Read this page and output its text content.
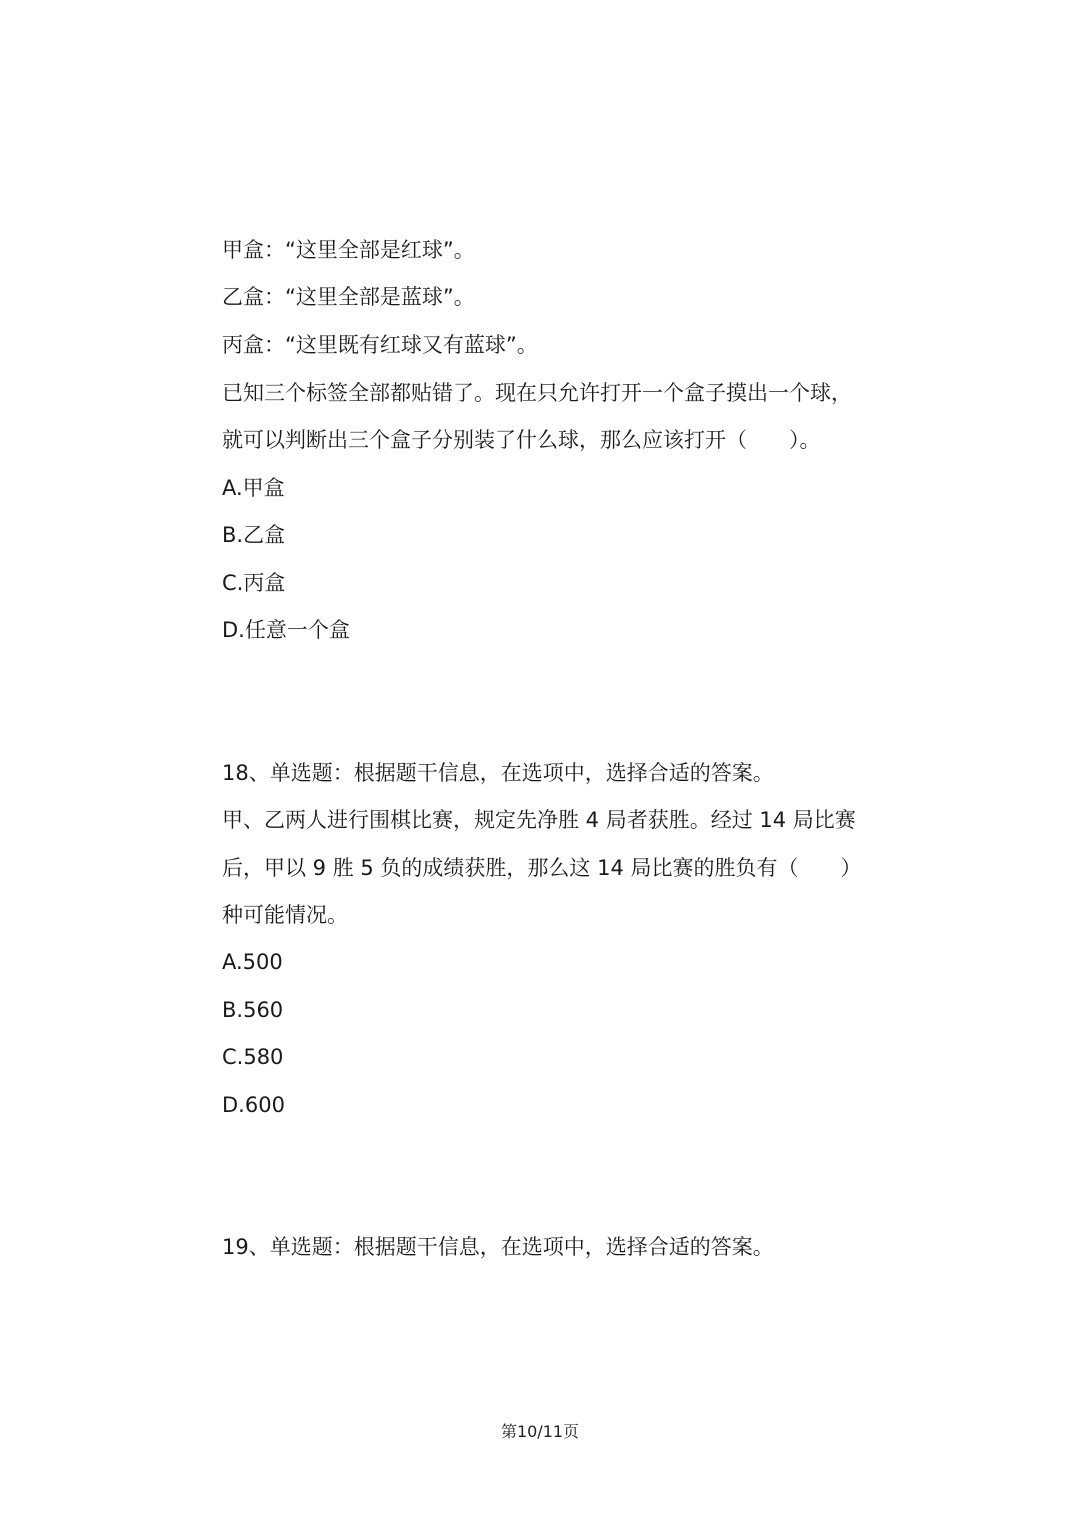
甲盒：“这里全部是红球”。
乙盒：“这里全部是蓝球”。
丙盒：“这里既有红球又有蓝球”。
已知三个标签全部都贴错了。现在只允许打开一个盒子摸出一个球，
就可以判断出三个盒子分别装了什么球，那么应该打开（　　）。
A.甲盒
B.乙盒
C.丙盒
D.任意一个盒
18、单选题：根据题干信息，在选项中，选择合适的答案。
甲、乙两人进行围棋比赛，规定先净胜 4 局者获胜。经过 14 局比赛
后，甲以 9 胜 5 负的成绩获胜，那么这 14 局比赛的胜负有（　　）
种可能情况。
A.500
B.560
C.580
D.600
19、单选题：根据题干信息，在选项中，选择合适的答案。
第10/11页
